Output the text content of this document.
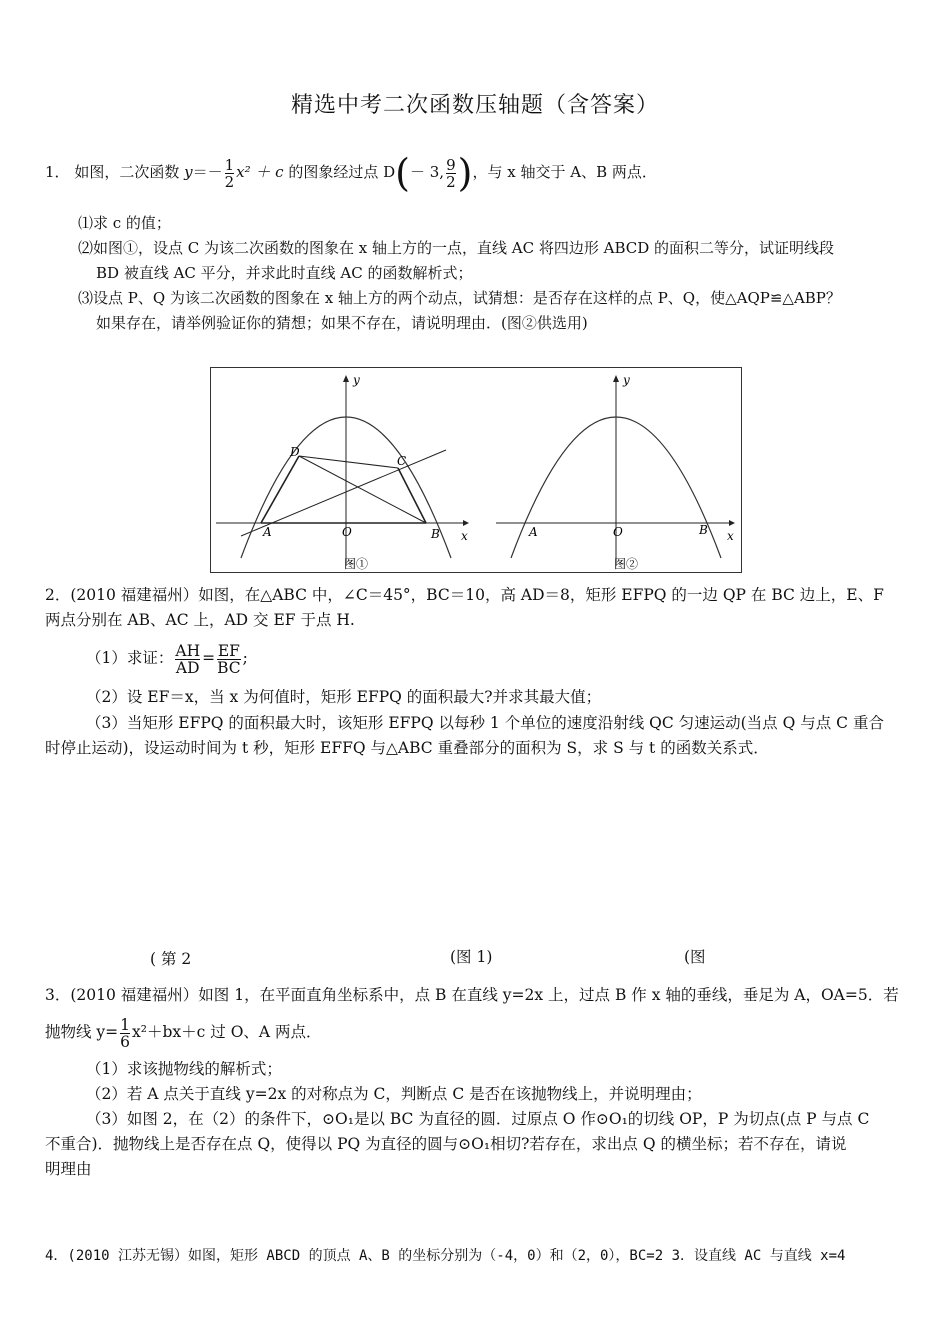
精选中考二次函数压轴题（含答案）
1． 如图，二次函数 $y=- \frac{1}{2} x^2 + c$ 的图象经过点 D(－ 3, $\frac{9}{2}$ )，与 x 轴交于 A、B 两点．
⑴求 c 的值；
⑵如图①，设点 C 为该二次函数的图象在 x 轴上方的一点，直线 AC 将四边形 ABCD 的面积二等分，试证明线段
BD 被直线 AC 平分，并求此时直线 AC 的函数解析式；
⑶设点 P、Q 为该二次函数的图象在 x 轴上方的两个动点，试猜想：是否存在这样的点 P、Q，使△AQP≌△ABP？
如果存在，请举例验证你的猜想；如果不存在，请说明理由．(图②供选用)
y
x
O
A	B
C
D
图①
y
x
O
A	B
图②
2．(2010 福建福州）如图，在△ABC 中，∠C＝45°，BC＝10，高 AD＝8，矩形 EFPQ 的一边 QP 在 BC 边上，E、F
两点分别在 AB、AC 上，AD 交 EF 于点 H.
（1）求证： $\frac{AH}{AD} = \frac{EF}{BC}$ ;
（2）设 EF＝x，当 x 为何值时，矩形 EFPQ 的面积最大?并求其最大值；
（3）当矩形 EFPQ 的面积最大时，该矩形 EFPQ 以每秒 1 个单位的速度沿射线 QC 匀速运动(当点 Q 与点 C 重合
时停止运动)，设运动时间为 t 秒，矩形 EFFQ 与△ABC 重叠部分的面积为 S，求 S 与 t 的函数关系式．
( 第 2	(图 1)	(图
3．(2010 福建福州）如图 1，在平面直角坐标系中，点 B 在直线 y=2x 上，过点 B 作 x 轴的垂线，垂足为 A，OA=5．若
抛物线 $y= \frac{1}{6} x^2+bx+c$ 过 O、A 两点．
（1）求该抛物线的解析式；
（2）若 A 点关于直线 y=2x 的对称点为 C，判断点 C 是否在该抛物线上，并说明理由；
（3）如图 2，在（2）的条件下，⊙O₁是以 BC 为直径的圆．过原点 O 作⊙O₁的切线 OP，P 为切点(点 P 与点 C
不重合)．抛物线上是否存在点 Q，使得以 PQ 为直径的圆与⊙O₁相切?若存在，求出点 Q 的横坐标；若不存在，请说
明理由
4．(2010 江苏无锡）如图，矩形 ABCD 的顶点 A、B 的坐标分别为（-4，0）和（2，0），BC=2 3．设直线 AC 与直线 x=4
